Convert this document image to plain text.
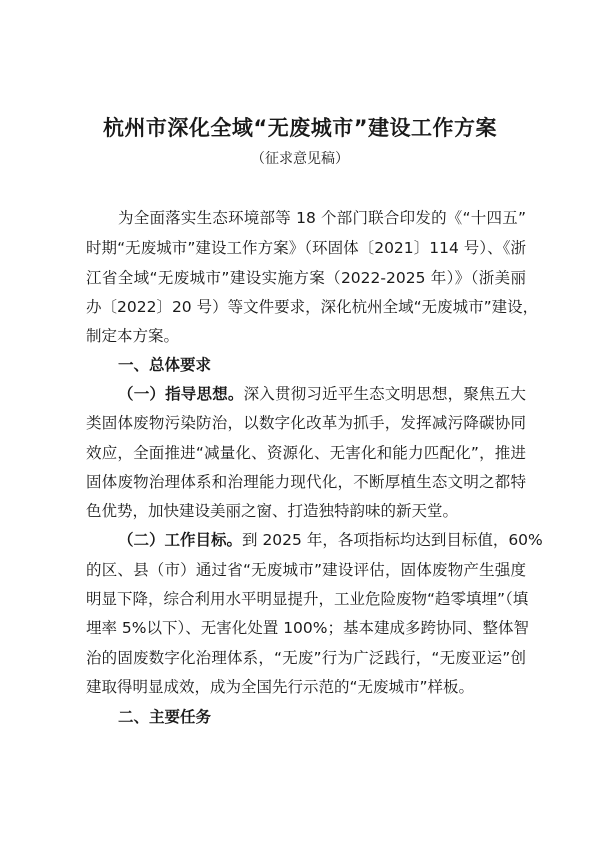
杭州市深化全域“无废城市”建设工作方案
（征求意见稿）
为全面落实生态环境部等 18 个部门联合印发的《“十四五”
时期“无废城市”建设工作方案》（环固体〔2021〕114 号）、《浙
江省全域“无废城市”建设实施方案（2022-2025 年）》（浙美丽
办〔2022〕20 号）等文件要求，深化杭州全域“无废城市”建设，
制定本方案。
一、总体要求
（一）指导思想。深入贯彻习近平生态文明思想，聚焦五大
类固体废物污染防治，以数字化改革为抓手，发挥减污降碳协同
效应，全面推进“减量化、资源化、无害化和能力匹配化”，推进
固体废物治理体系和治理能力现代化，不断厚植生态文明之都特
色优势，加快建设美丽之窗、打造独特韵味的新天堂。
（二）工作目标。到 2025 年，各项指标均达到目标值，60%
的区、县（市）通过省“无废城市”建设评估，固体废物产生强度
明显下降，综合利用水平明显提升，工业危险废物“趋零填埋”（填
埋率 5%以下）、无害化处置 100%；基本建成多跨协同、整体智
治的固废数字化治理体系，“无废”行为广泛践行，“无废亚运”创
建取得明显成效，成为全国先行示范的“无废城市”样板。
二、主要任务
